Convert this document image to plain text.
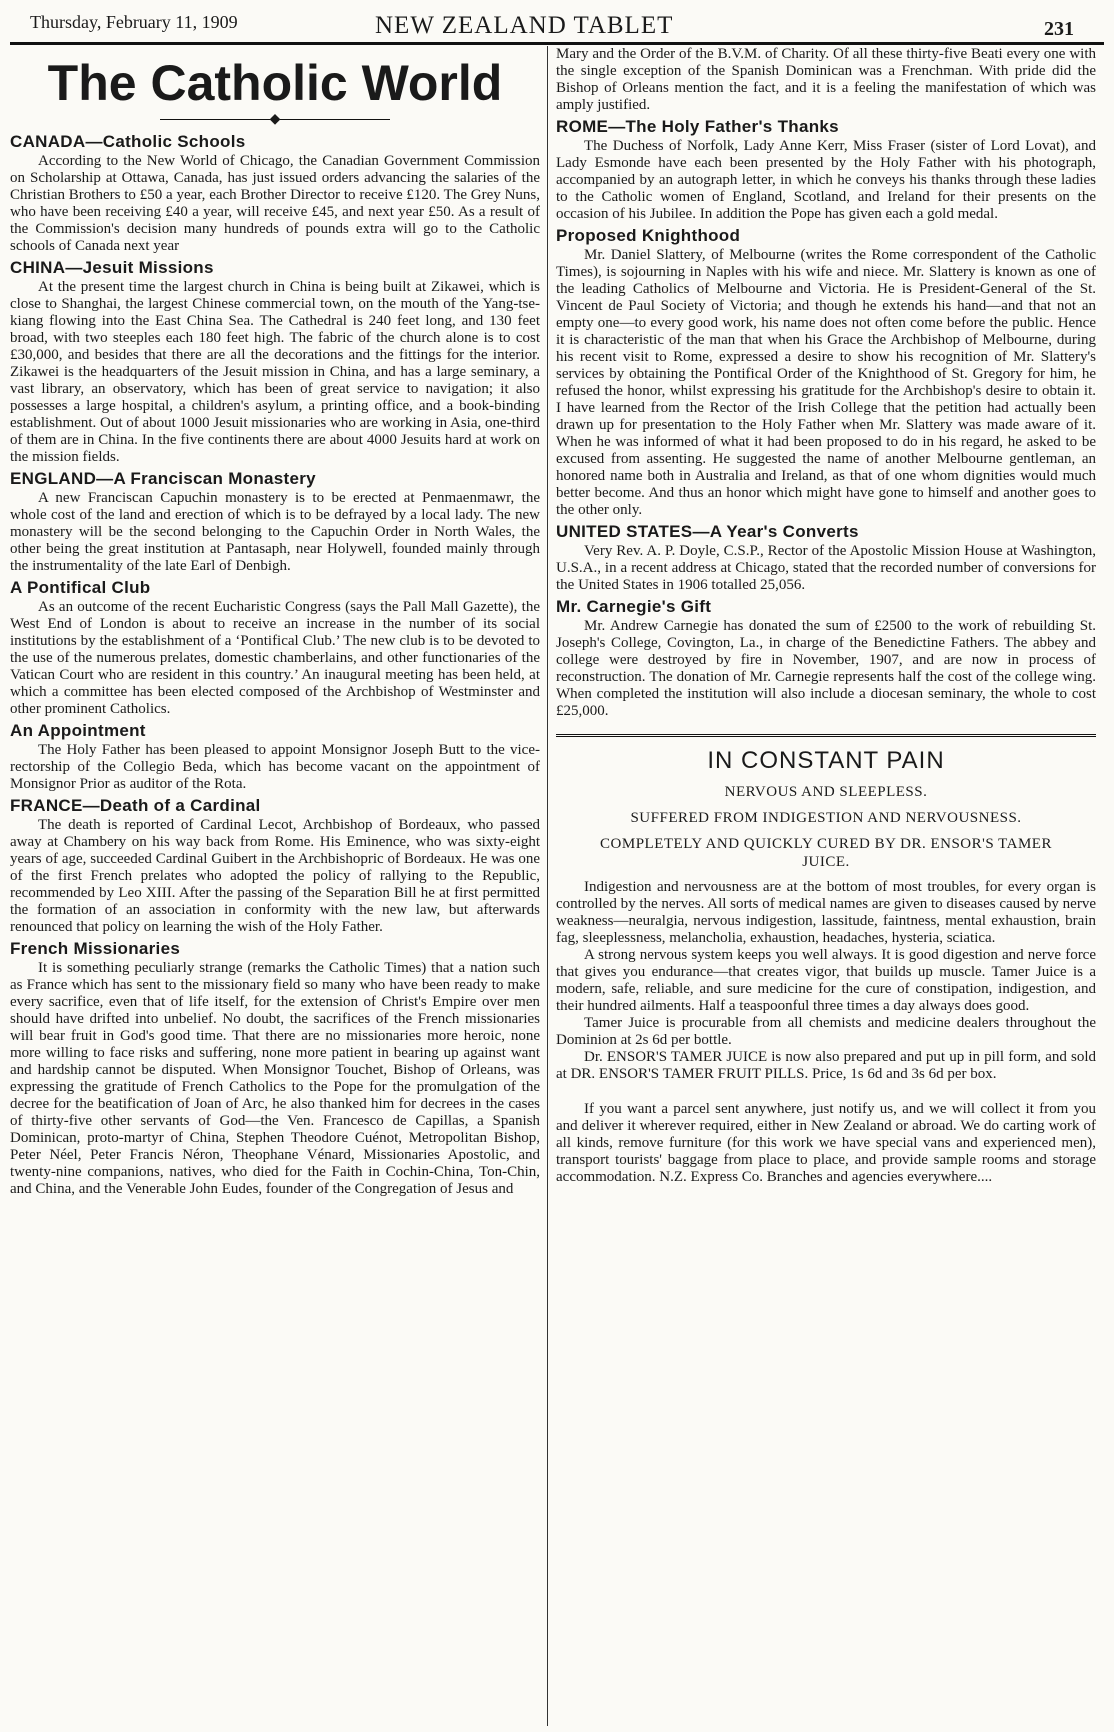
Thursday, February 11, 1909	NEW ZEALAND TABLET	231
The Catholic World
◆
CANADA—Catholic Schools

According to the New World of Chicago, the Canadian Government Commission on Scholarship at Ottawa, Canada, has just issued orders advancing the salaries of the Christian Brothers to £50 a year, each Brother Director to receive £120. The Grey Nuns, who have been receiving £40 a year, will receive £45, and next year £50. As a result of the Commission's decision many hundreds of pounds extra will go to the Catholic schools of Canada next year

CHINA—Jesuit Missions

At the present time the largest church in China is being built at Zikawei, which is close to Shanghai, the largest Chinese commercial town, on the mouth of the Yang-tse-kiang flowing into the East China Sea. The Cathedral is 240 feet long, and 130 feet broad, with two steeples each 180 feet high. The fabric of the church alone is to cost £30,000, and besides that there are all the decorations and the fittings for the interior. Zikawei is the headquarters of the Jesuit mission in China, and has a large seminary, a vast library, an observatory, which has been of great service to navigation; it also possesses a large hospital, a children's asylum, a printing office, and a book-binding establishment. Out of about 1000 Jesuit missionaries who are working in Asia, one-third of them are in China. In the five continents there are about 4000 Jesuits hard at work on the mission fields.

ENGLAND—A Franciscan Monastery

A new Franciscan Capuchin monastery is to be erected at Penmaenmawr, the whole cost of the land and erection of which is to be defrayed by a local lady. The new monastery will be the second belonging to the Capuchin Order in North Wales, the other being the great institution at Pantasaph, near Holywell, founded mainly through the instrumentality of the late Earl of Denbigh.

A Pontifical Club

As an outcome of the recent Eucharistic Congress (says the Pall Mall Gazette), the West End of London is about to receive an increase in the number of its social institutions by the establishment of a ‘Pontifical Club.’ The new club is to be devoted to the use of the numerous prelates, domestic chamberlains, and other functionaries of the Vatican Court who are resident in this country.’ An inaugural meeting has been held, at which a committee has been elected composed of the Archbishop of Westminster and other prominent Catholics.

An Appointment

The Holy Father has been pleased to appoint Monsignor Joseph Butt to the vice-rectorship of the Collegio Beda, which has become vacant on the appointment of Monsignor Prior as auditor of the Rota.

FRANCE—Death of a Cardinal

The death is reported of Cardinal Lecot, Archbishop of Bordeaux, who passed away at Chambery on his way back from Rome. His Eminence, who was sixty-eight years of age, succeeded Cardinal Guibert in the Archbishopric of Bordeaux. He was one of the first French prelates who adopted the policy of rallying to the Republic, recommended by Leo XIII. After the passing of the Separation Bill he at first permitted the formation of an association in conformity with the new law, but afterwards renounced that policy on learning the wish of the Holy Father.

French Missionaries

It is something peculiarly strange (remarks the Catholic Times) that a nation such as France which has sent to the missionary field so many who have been ready to make every sacrifice, even that of life itself, for the extension of Christ's Empire over men should have drifted into unbelief. No doubt, the sacrifices of the French missionaries will bear fruit in God's good time. That there are no missionaries more heroic, none more willing to face risks and suffering, none more patient in bearing up against want and hardship cannot be disputed. When Monsignor Touchet, Bishop of Orleans, was expressing the gratitude of French Catholics to the Pope for the promulgation of the decree for the beatification of Joan of Arc, he also thanked him for decrees in the cases of thirty-five other servants of God—the Ven. Francesco de Capillas, a Spanish Dominican, proto-martyr of China, Stephen Theodore Cuénot, Metropolitan Bishop, Peter Néel, Peter Francis Néron, Theophane Vénard, Missionaries Apostolic, and twenty-nine companions, natives, who died for the Faith in Cochin-China, Ton-Chin, and China, and the Venerable John Eudes, founder of the Congregation of Jesus and

Mary and the Order of the B.V.M. of Charity. Of all these thirty-five Beati every one with the single exception of the Spanish Dominican was a Frenchman. With pride did the Bishop of Orleans mention the fact, and it is a feeling the manifestation of which was amply justified.

ROME—The Holy Father's Thanks

The Duchess of Norfolk, Lady Anne Kerr, Miss Fraser (sister of Lord Lovat), and Lady Esmonde have each been presented by the Holy Father with his photograph, accompanied by an autograph letter, in which he conveys his thanks through these ladies to the Catholic women of England, Scotland, and Ireland for their presents on the occasion of his Jubilee. In addition the Pope has given each a gold medal.

Proposed Knighthood

Mr. Daniel Slattery, of Melbourne (writes the Rome correspondent of the Catholic Times), is sojourning in Naples with his wife and niece. Mr. Slattery is known as one of the leading Catholics of Melbourne and Victoria. He is President-General of the St. Vincent de Paul Society of Victoria; and though he extends his hand—and that not an empty one—to every good work, his name does not often come before the public. Hence it is characteristic of the man that when his Grace the Archbishop of Melbourne, during his recent visit to Rome, expressed a desire to show his recognition of Mr. Slattery's services by obtaining the Pontifical Order of the Knighthood of St. Gregory for him, he refused the honor, whilst expressing his gratitude for the Archbishop's desire to obtain it. I have learned from the Rector of the Irish College that the petition had actually been drawn up for presentation to the Holy Father when Mr. Slattery was made aware of it. When he was informed of what it had been proposed to do in his regard, he asked to be excused from assenting. He suggested the name of another Melbourne gentleman, an honored name both in Australia and Ireland, as that of one whom dignities would much better become. And thus an honor which might have gone to himself and another goes to the other only.

UNITED STATES—A Year's Converts

Very Rev. A. P. Doyle, C.S.P., Rector of the Apostolic Mission House at Washington, U.S.A., in a recent address at Chicago, stated that the recorded number of conversions for the United States in 1906 totalled 25,056.

Mr. Carnegie's Gift

Mr. Andrew Carnegie has donated the sum of £2500 to the work of rebuilding St. Joseph's College, Covington, La., in charge of the Benedictine Fathers. The abbey and college were destroyed by fire in November, 1907, and are now in process of reconstruction. The donation of Mr. Carnegie represents half the cost of the college wing. When completed the institution will also include a diocesan seminary, the whole to cost £25,000.

IN CONSTANT PAIN
NERVOUS AND SLEEPLESS.
SUFFERED FROM INDIGESTION AND NERVOUSNESS.
COMPLETELY AND QUICKLY CURED BY DR. ENSOR'S TAMER JUICE.

Indigestion and nervousness are at the bottom of most troubles, for every organ is controlled by the nerves. All sorts of medical names are given to diseases caused by nerve weakness—neuralgia, nervous indigestion, lassitude, faintness, mental exhaustion, brain fag, sleeplessness, melancholia, exhaustion, headaches, hysteria, sciatica.

A strong nervous system keeps you well always. It is good digestion and nerve force that gives you endurance—that creates vigor, that builds up muscle. Tamer Juice is a modern, safe, reliable, and sure medicine for the cure of constipation, indigestion, and their hundred ailments. Half a teaspoonful three times a day always does good.

Tamer Juice is procurable from all chemists and medicine dealers throughout the Dominion at 2s 6d per bottle.

Dr. ENSOR'S TAMER JUICE is now also prepared and put up in pill form, and sold at DR. ENSOR'S TAMER FRUIT PILLS. Price, 1s 6d and 3s 6d per box.

If you want a parcel sent anywhere, just notify us, and we will collect it from you and deliver it wherever required, either in New Zealand or abroad. We do carting work of all kinds, remove furniture (for this work we have special vans and experienced men), transport tourists' baggage from place to place, and provide sample rooms and storage accommodation. N.Z. Express Co. Branches and agencies everywhere....
